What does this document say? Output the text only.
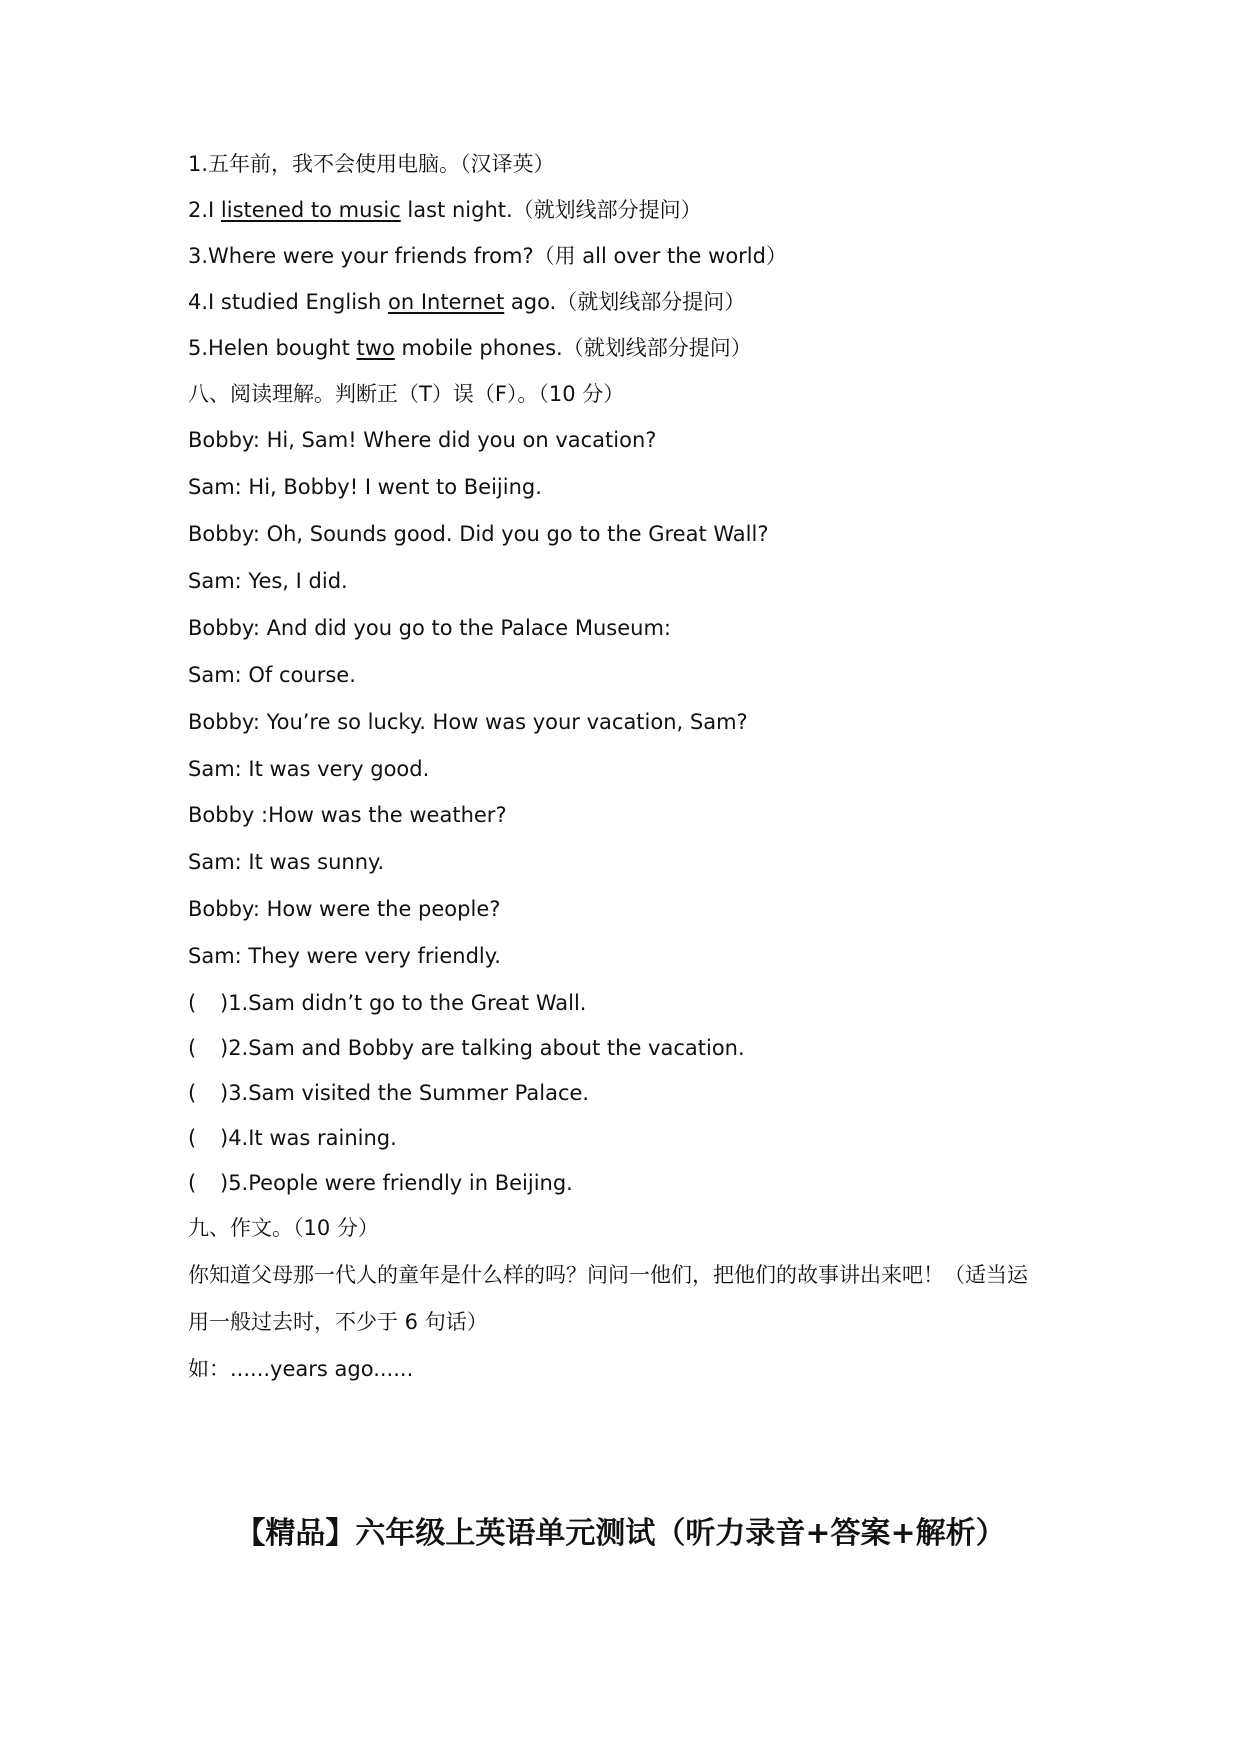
1.五年前，我不会使用电脑。（汉译英）
2.I listened to music last night.（就划线部分提问）
3.Where were your friends from?（用 all over the world）
4.I studied English on Internet ago.（就划线部分提问）
5.Helen bought two mobile phones.（就划线部分提问）
八、阅读理解。判断正（T）误（F）。（10 分）
Bobby: Hi, Sam! Where did you on vacation?
Sam: Hi, Bobby! I went to Beijing.
Bobby: Oh, Sounds good. Did you go to the Great Wall?
Sam: Yes, I did.
Bobby: And did you go to the Palace Museum:
Sam: Of course.
Bobby: You’re so lucky. How was your vacation, Sam?
Sam: It was very good.
Bobby :How was the weather?
Sam: It was sunny.
Bobby: How were the people?
Sam: They were very friendly.
( )1.Sam didn’t go to the Great Wall.
( )2.Sam and Bobby are talking about the vacation.
( )3.Sam visited the Summer Palace.
( )4.It was raining.
( )5.People were friendly in Beijing.
九、作文。（10 分）
你知道父母那一代人的童年是什么样的吗？问问一他们，把他们的故事讲出来吧！（适当运
用一般过去时，不少于 6 句话）
如：......years ago......
【精品】六年级上英语单元测试（听力录音+答案+解析）
